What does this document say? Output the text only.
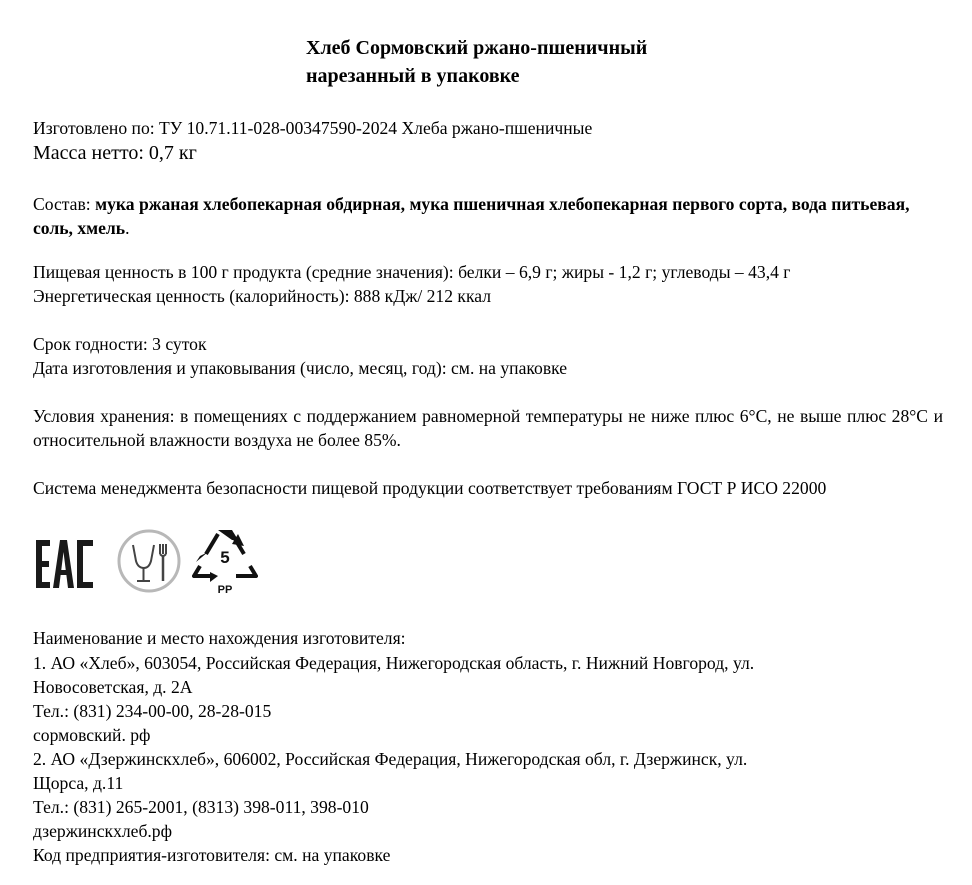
Хлеб Сормовский ржано-пшеничный
нарезанный в упаковке
Изготовлено по: ТУ 10.71.11-028-00347590-2024 Хлеба ржано-пшеничные
Масса нетто: 0,7 кг
Состав: мука ржаная хлебопекарная обдирная, мука пшеничная хлебопекарная первого сорта, вода питьевая, соль, хмель.
Пищевая ценность в 100 г продукта (средние значения): белки – 6,9 г; жиры - 1,2 г; углеводы – 43,4 г
Энергетическая ценность (калорийность): 888 кДж/ 212 ккал
Срок годности: 3 суток
Дата изготовления и упаковывания (число, месяц, год): см. на упаковке
Условия хранения: в помещениях с поддержанием равномерной температуры не ниже плюс 6°С, не выше плюс 28°С и относительной влажности воздуха не более 85%.
Система менеджмента безопасности пищевой продукции соответствует требованиям ГОСТ Р ИСО 22000
5
PP
Наименование и место нахождения изготовителя:
1. АО «Хлеб», 603054, Российская Федерация, Нижегородская область, г. Нижний Новгород, ул.
Новосоветская, д. 2А
Тел.: (831) 234-00-00, 28-28-015
сормовский. рф
2. АО «Дзержинскхлеб», 606002, Российская Федерация, Нижегородская обл, г. Дзержинск, ул.
Щорса, д.11
Тел.: (831) 265-2001, (8313) 398-011, 398-010
дзержинскхлеб.рф
Код предприятия-изготовителя: см. на упаковке
